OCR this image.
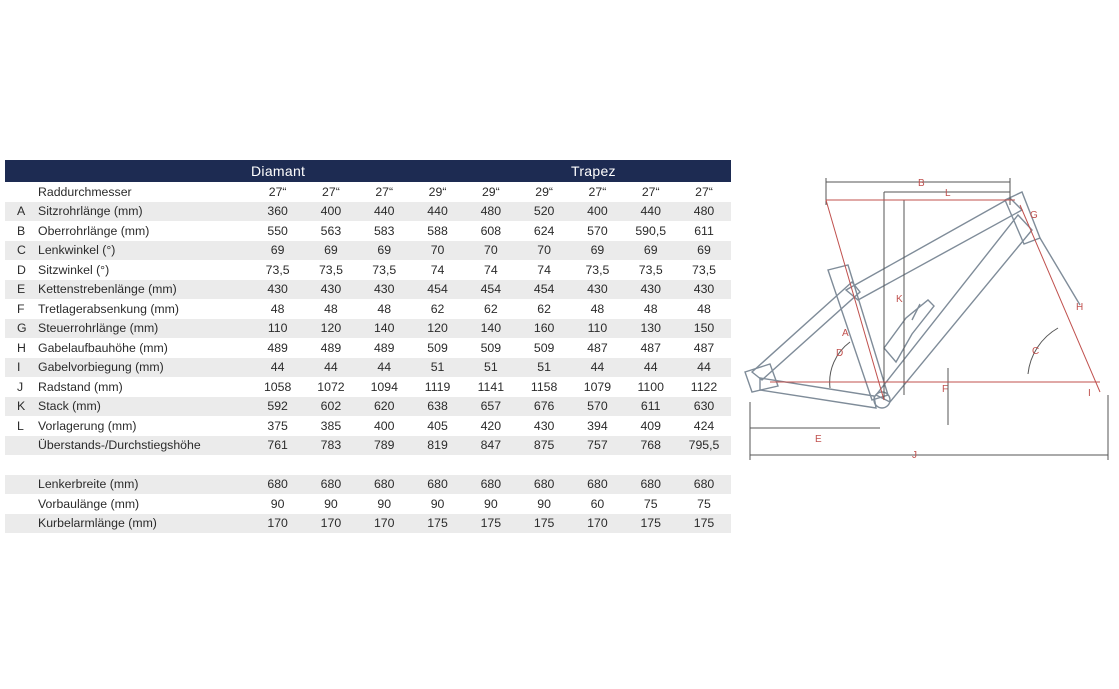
Diamant	Trapez
Raddurchmesser	27“	27“	27“	29“	29“	29“	27“	27“	27“
A	Sitzrohrlänge (mm)	360	400	440	440	480	520	400	440	480
B	Oberrohrlänge (mm)	550	563	583	588	608	624	570	590,5	611
C Lenkwinkel (°)	69	69	69	70	70	70	69	69	69
D Sitzwinkel (°)	73,5	73,5	73,5	74	74	74	73,5	73,5	73,5
E	Kettenstrebenlänge (mm)	430	430	430	454	454	454	430	430	430
F	Tretlagerabsenkung (mm)	48	48	48	62	62	62	48	48	48
G Steuerrohrlänge (mm)	110	120	140	120	140	160	110	130	150
H Gabelaufbauhöhe (mm)	489	489	489	509	509	509	487	487	487
I	Gabelvorbiegung (mm)	44	44	44	51	51	51	44	44	44
J	Radstand (mm)	1058	1072	1094	1119	1141	1158	1079	1100	1122
K	Stack (mm)	592	602	620	638	657	676	570	611	630
L	Vorlagerung (mm)	375	385	400	405	420	430	394	409	424
Überstands-/Durchstiegshöhe	761	783	789	819	847	875	757	768	795,5
Lenkerbreite (mm)	680	680	680	680	680	680	680	680	680
Vorbaulänge (mm)	90	90	90	90	90	90	60	75	75
Kurbelarmlänge (mm)	170	170	170	175	175	175	170	175	175
A
B
C
D
E
F
G
H
I
J
K
L
